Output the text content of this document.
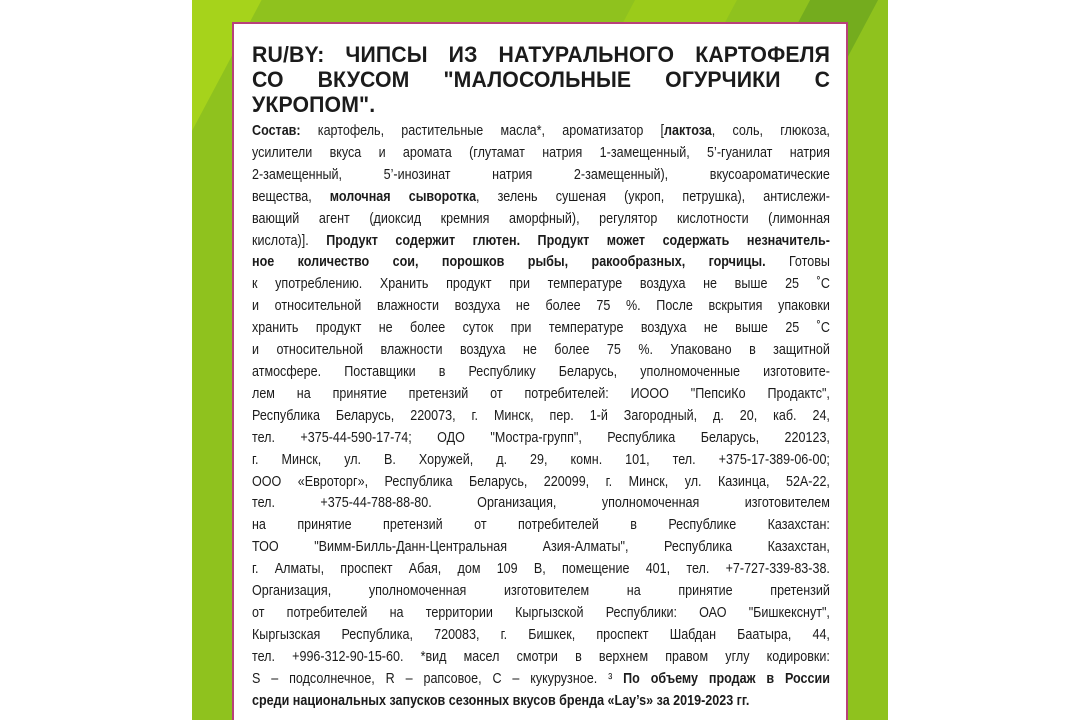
RU/BY: ЧИПСЫ ИЗ НАТУРАЛЬНОГО КАРТОФЕЛЯ
СО ВКУСОМ "МАЛОСОЛЬНЫЕ ОГУРЧИКИ С УКРОПОМ".
Состав: картофель, растительные масла*, ароматизатор [лактоза, соль, глюкоза,
усилители вкуса и аромата (глутамат натрия 1-замещенный, 5’-гуанилат натрия
2-замещенный, 5’-инозинат натрия 2-замещенный), вкусоароматические
вещества, молочная сыворотка, зелень сушеная (укроп, петрушка), антислежи-
вающий агент (диоксид кремния аморфный), регулятор кислотности (лимонная
кислота)]. Продукт содержит глютен. Продукт может содержать незначитель-
ное количество сои, порошков рыбы, ракообразных, горчицы. Готовы
к употреблению. Хранить продукт при температуре воздуха не выше 25 ˚С
и относительной влажности воздуха не более 75 %. После вскрытия упаковки
хранить продукт не более суток при температуре воздуха не выше 25 ˚С
и относительной влажности воздуха не более 75 %. Упаковано в защитной
атмосфере. Поставщики в Республику Беларусь, уполномоченные изготовите-
лем на принятие претензий от потребителей: ИООО "ПепсиКо Продактс",
Республика Беларусь, 220073, г. Минск, пер. 1-й Загородный, д. 20, каб. 24,
тел. +375-44-590-17-74; ОДО "Мостра-групп", Республика Беларусь, 220123,
г. Минск, ул. В. Хоружей, д. 29, комн. 101, тел. +375-17-389-06-00;
ООО «Евроторг», Республика Беларусь, 220099, г. Минск, ул. Казинца, 52А-22,
тел. +375-44-788-88-80. Организация, уполномоченная изготовителем
на принятие претензий от потребителей в Республике Казахстан:
ТОО "Вимм-Билль-Данн-Центральная Азия-Алматы", Республика Казахстан,
г. Алматы, проспект Абая, дом 109 В, помещение 401, тел. +7-727-339-83-38.
Организация, уполномоченная изготовителем на принятие претензий
от потребителей на территории Кыргызской Республики: ОАО "Бишкекснут",
Кыргызская Республика, 720083, г. Бишкек, проспект Шабдан Баатыра, 44,
тел. +996-312-90-15-60. *вид масел смотри в верхнем правом углу кодировки:
S – подсолнечное, R – рапсовое, С – кукурузное. ³ По объему продаж в России
среди национальных запусков сезонных вкусов бренда «Lay’s» за 2019-2023 гг.
